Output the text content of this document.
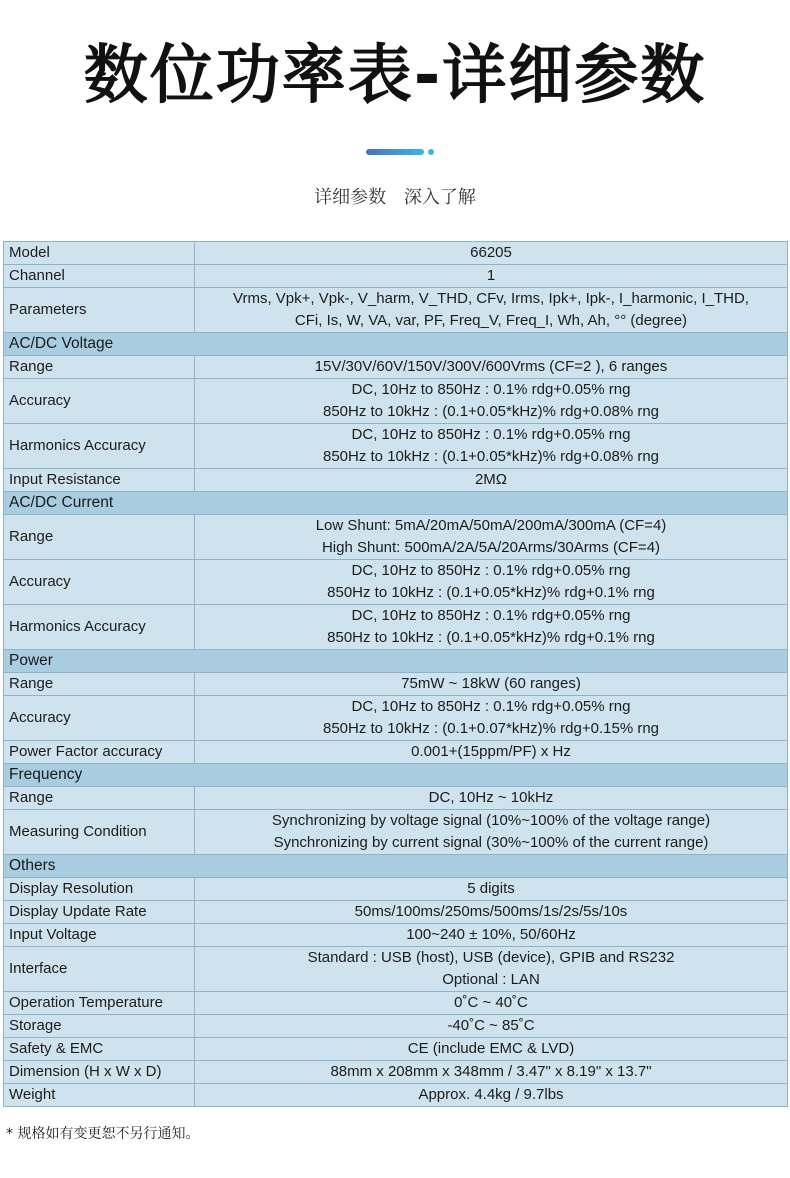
数位功率表-详细参数
详细参数 深入了解
Model	66205

Channel	1

Parameters	Vrms, Vpk+, Vpk-, V_harm, V_THD, CFv, Irms, Ipk+, Ipk-, I_harmonic, I_THD,
CFi, Is, W, VA, var, PF, Freq_V, Freq_I, Wh, Ah, °° (degree)

AC/DC Voltage	
Range	15V/30V/60V/150V/300V/600Vrms (CF=2 ), 6 ranges

Accuracy	DC, 10Hz to 850Hz : 0.1% rdg+0.05% rng
850Hz to 10kHz : (0.1+0.05*kHz)% rdg+0.08% rng

Harmonics Accuracy	DC, 10Hz to 850Hz : 0.1% rdg+0.05% rng
850Hz to 10kHz : (0.1+0.05*kHz)% rdg+0.08% rng

Input Resistance	2MΩ

AC/DC Current	
Range	Low Shunt: 5mA/20mA/50mA/200mA/300mA (CF=4)
High Shunt: 500mA/2A/5A/20Arms/30Arms (CF=4)

Accuracy	DC, 10Hz to 850Hz : 0.1% rdg+0.05% rng
850Hz to 10kHz : (0.1+0.05*kHz)% rdg+0.1% rng

Harmonics Accuracy	DC, 10Hz to 850Hz : 0.1% rdg+0.05% rng
850Hz to 10kHz : (0.1+0.05*kHz)% rdg+0.1% rng

Power	
Range	75mW ~ 18kW (60 ranges)

Accuracy	DC, 10Hz to 850Hz : 0.1% rdg+0.05% rng
850Hz to 10kHz : (0.1+0.07*kHz)% rdg+0.15% rng

Power Factor accuracy	0.001+(15ppm/PF) x Hz

Frequency	
Range	DC, 10Hz ~ 10kHz

Measuring Condition	Synchronizing by voltage signal (10%~100% of the voltage range)
Synchronizing by current signal (30%~100% of the current range)

Others	
Display Resolution	5 digits

Display Update Rate	50ms/100ms/250ms/500ms/1s/2s/5s/10s

Input Voltage	100~240 ± 10%, 50/60Hz

Interface	Standard : USB (host), USB (device), GPIB and RS232
Optional : LAN

Operation Temperature	0˚C ~ 40˚C

Storage	-40˚C ~ 85˚C

Safety & EMC	CE (include EMC & LVD)

Dimension (H x W x D)	88mm x 208mm x 348mm / 3.47" x 8.19" x 13.7"

Weight	Approx. 4.4kg / 9.7lbs
* 规格如有变更恕不另行通知。
